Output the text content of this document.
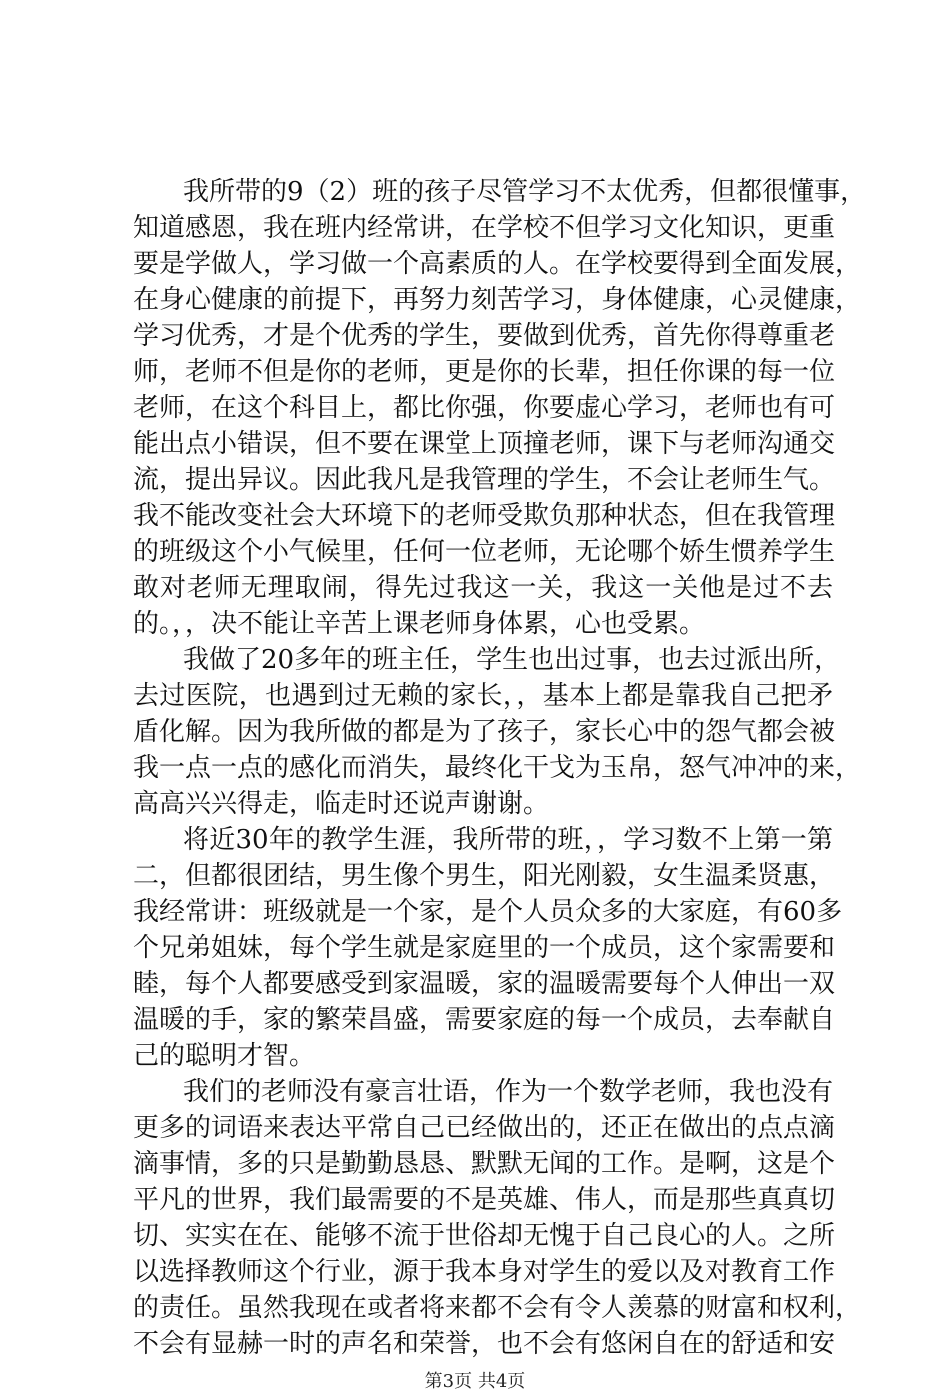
我所带的9（2）班的孩子尽管学习不太优秀，但都很懂事，
知道感恩，我在班内经常讲，在学校不但学习文化知识，更重
要是学做人，学习做一个高素质的人。在学校要得到全面发展，
在身心健康的前提下，再努力刻苦学习，身体健康，心灵健康，
学习优秀，才是个优秀的学生，要做到优秀，首先你得尊重老
师，老师不但是你的老师，更是你的长辈，担任你课的每一位
老师，在这个科目上，都比你强，你要虚心学习，老师也有可
能出点小错误，但不要在课堂上顶撞老师，课下与老师沟通交
流，提出异议。因此我凡是我管理的学生，不会让老师生气。
我不能改变社会大环境下的老师受欺负那种状态，但在我管理
的班级这个小气候里，任何一位老师，无论哪个娇生惯养学生
敢对老师无理取闹，得先过我这一关，我这一关他是过不去
的。，，决不能让辛苦上课老师身体累，心也受累。
我做了20多年的班主任，学生也出过事，也去过派出所，
去过医院，也遇到过无赖的家长，，基本上都是靠我自己把矛
盾化解。因为我所做的都是为了孩子，家长心中的怨气都会被
我一点一点的感化而消失，最终化干戈为玉帛，怒气冲冲的来，
高高兴兴得走，临走时还说声谢谢。
将近30年的教学生涯，我所带的班，，学习数不上第一第
二，但都很团结，男生像个男生，阳光刚毅，女生温柔贤惠，
我经常讲：班级就是一个家，是个人员众多的大家庭，有60多
个兄弟姐妹，每个学生就是家庭里的一个成员，这个家需要和
睦，每个人都要感受到家温暖，家的温暖需要每个人伸出一双
温暖的手，家的繁荣昌盛，需要家庭的每一个成员，去奉献自
己的聪明才智。
我们的老师没有豪言壮语，作为一个数学老师，我也没有
更多的词语来表达平常自己已经做出的，还正在做出的点点滴
滴事情，多的只是勤勤恳恳、默默无闻的工作。是啊，这是个
平凡的世界，我们最需要的不是英雄、伟人，而是那些真真切
切、实实在在、能够不流于世俗却无愧于自己良心的人。之所
以选择教师这个行业，源于我本身对学生的爱以及对教育工作
的责任。虽然我现在或者将来都不会有令人羡慕的财富和权利，
不会有显赫一时的声名和荣誉，也不会有悠闲自在的舒适和安
第3页 共4页
